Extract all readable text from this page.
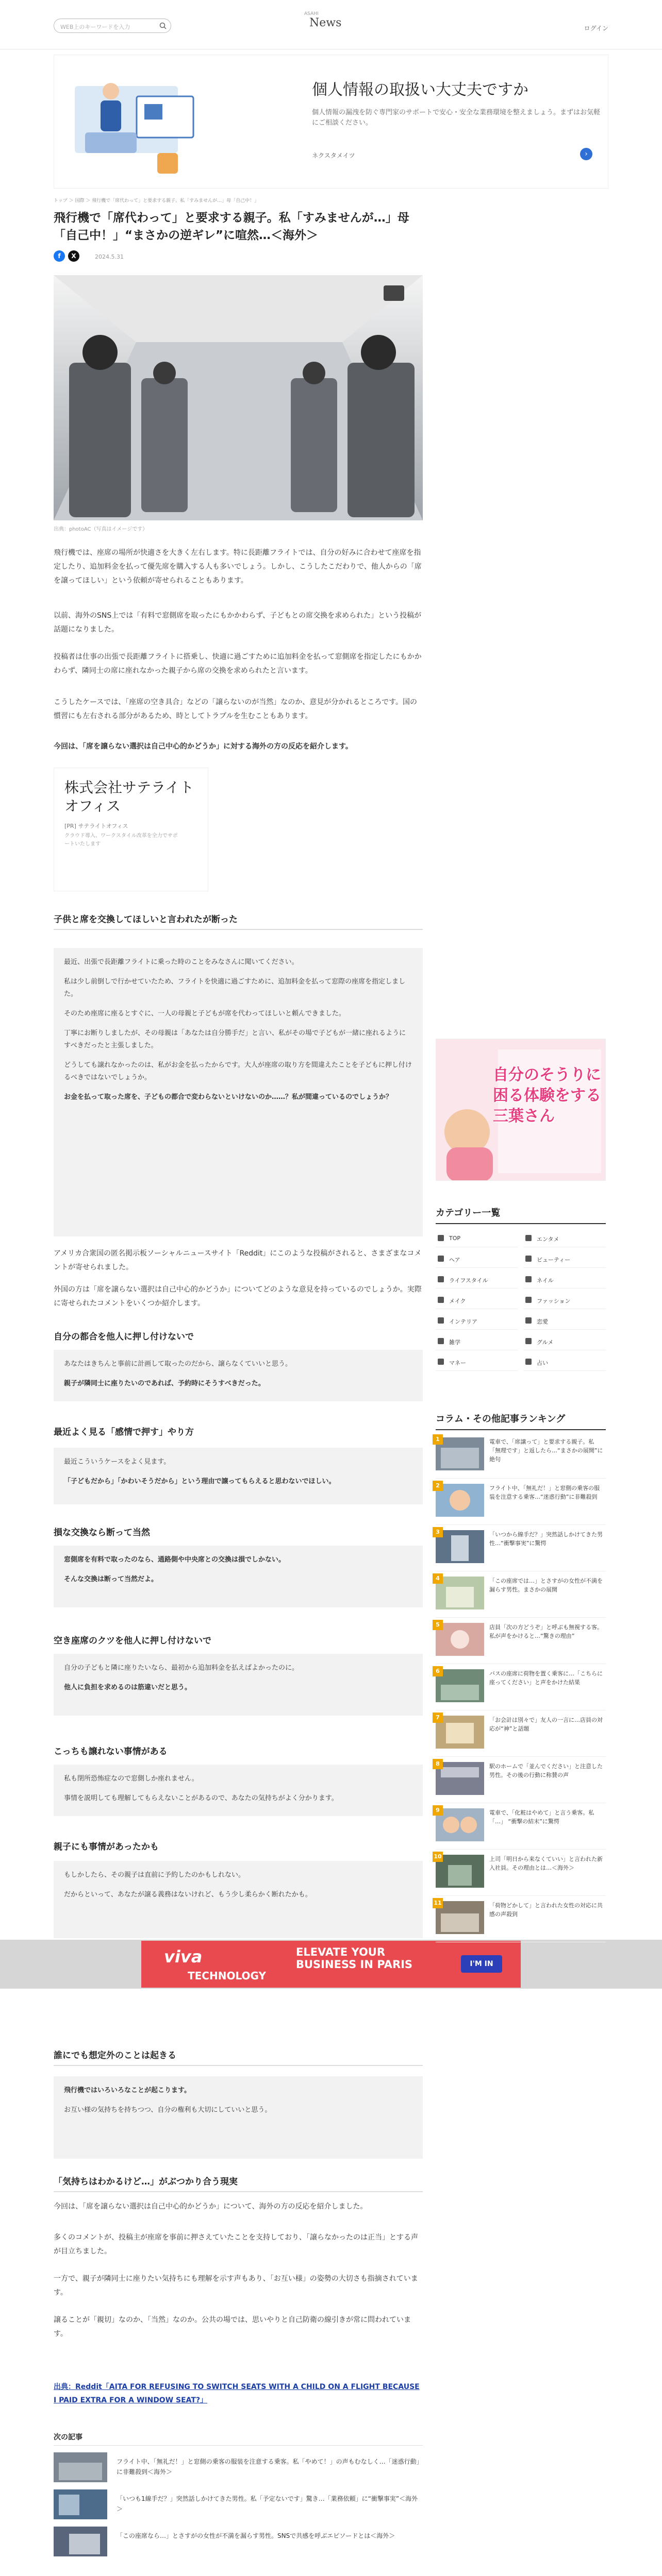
WEB上のキーワードを入力
ASAHI
News	ログイン
個人情報の取扱い大丈夫ですか
個人情報の漏洩を防ぐ専門家のサポートで安心・安全な業務環境を整えましょう。まずはお気軽にご相談ください。
ネクスタメイツ	›
トップ ＞ 国際 ＞ 飛行機で「席代わって」と要求する親子。私「すみませんが…」母「自己中！」
飛行機で「席代わって」と要求する親子。私「すみませんが…」母「自己中！」“まさかの逆ギレ”に喧然…＜海外＞
f	X	2024.5.31
出典：photoAC（写真はイメージです）

飛行機では、座席の場所が快適さを大きく左右します。特に長距離フライトでは、自分の好みに合わせて座席を指定したり、追加料金を払って優先席を購入する人も多いでしょう。しかし、こうしたこだわりで、他人からの「席を譲ってほしい」という依頼が寄せられることもあります。

以前、海外のSNS上では「有料で窓側席を取ったにもかかわらず、子どもとの席交換を求められた」という投稿が話題になりました。

投稿者は仕事の出張で長距離フライトに搭乗し、快適に過ごすために追加料金を払って窓側席を指定したにもかかわらず、隣同士の席に座れなかった親子から席の交換を求められたと言います。

こうしたケースでは、「座席の空き具合」などの「譲らないのが当然」なのか、意見が分かれるところです。国の慣習にも左右される部分があるため、時としてトラブルを生むこともあります。

今回は、「席を譲らない選択は自己中心的かどうか」に対する海外の方の反応を紹介します。

株式会社サテライトオフィス
[PR] サテライトオフィス
クラウド導入、ワークスタイル改革を全力でサポートいたします
子供と席を交換してほしいと言われたが断った
最近、出張で長距離フライトに乗った時のことをみなさんに聞いてください。
私は少し前倒しで行かせていたため、フライトを快適に過ごすために、追加料金を払って窓際の座席を指定しました。
そのため座席に座るとすぐに、一人の母親と子どもが席を代わってほしいと頼んできました。
丁寧にお断りしましたが、その母親は「あなたは自分勝手だ」と言い、私がその場で子どもが一緒に座れるようにすべきだったと主張しました。
どうしても譲れなかったのは、私がお金を払ったからです。大人が座席の取り方を間違えたことを子どもに押し付けるべきではないでしょうか。
お金を払って取った席を、子どもの都合で変わらないといけないのか……？私が間違っているのでしょうか？

アメリカ合衆国の匿名掲示板ソーシャルニュースサイト「Reddit」にこのような投稿がされると、さまざまなコメントが寄せられました。

外国の方は「席を譲らない選択は自己中心的かどうか」についてどのような意見を持っているのでしょうか。実際に寄せられたコメントをいくつか紹介します。

自分の都合を他人に押し付けないで
あなたはきちんと事前に計画して取ったのだから、譲らなくていいと思う。
親子が隣同士に座りたいのであれば、予約時にそうすべきだった。
最近よく見る「感情で押す」やり方
最近こういうケースをよく見ます。
「子どもだから」「かわいそうだから」という理由で譲ってもらえると思わないでほしい。
損な交換なら断って当然
窓側席を有料で取ったのなら、通路側や中央席との交換は損でしかない。
そんな交換は断って当然だよ。
空き座席のクツを他人に押し付けないで
自分の子どもと隣に座りたいなら、最初から追加料金を払えばよかったのに。
他人に負担を求めるのは筋違いだと思う。
こっちも譲れない事情がある
私も閉所恐怖症なので窓側しか座れません。
事情を説明しても理解してもらえないことがあるので、あなたの気持ちがよく分かります。
親子にも事情があったかも
もしかしたら、その親子は直前に予約したのかもしれない。
だからといって、あなたが譲る義務はないけれど、もう少し柔らかく断れたかも。
viva
TECHNOLOGY
ELEVATE YOUR BUSINESS IN PARIS	I'M IN
誰にでも想定外のことは起きる
飛行機ではいろいろなことが起こります。
お互い様の気持ちを持ちつつ、自分の権利も大切にしていいと思う。
「気持ちはわかるけど…」がぶつかり合う現実

今回は、「席を譲らない選択は自己中心的かどうか」について、海外の方の反応を紹介しました。

多くのコメントが、投稿主が座席を事前に押さえていたことを支持しており、「譲らなかったのは正当」とする声が目立ちました。

一方で、親子が隣同士に座りたい気持ちにも理解を示す声もあり、「お互い様」の姿勢の大切さも指摘されています。

譲ることが「親切」なのか、「当然」なのか。公共の場では、思いやりと自己防衛の線引きが常に問われています。

出典：Reddit「AITA FOR REFUSING TO SWITCH SEATS WITH A CHILD ON A FLIGHT BECAUSE I PAID EXTRA FOR A WINDOW SEAT?」
次の記事
フライト中、「無礼だ！」と窓側の乗客の服装を注意する乗客。私「やめて！」の声もむなしく…「迷惑行動」に非難殺到＜海外＞
「いつも1線手だ？」突然話しかけてきた男性。私「予定ないです」驚き…「業務依頼」に“衝撃事実”＜海外＞
「この座席なら…」とさすがの女性が不満を漏らす男性。SNSで共感を呼ぶエピソードとは＜海外＞
自分のそうりに困る体験をする三葉さん
カテゴリー一覧
TOP	エンタメ
ヘア	ビューティー
ライフスタイル	ネイル
メイク	ファッション
インテリア	恋愛
雑学	グルメ
マネー	占い
コラム・その他記事ランキング
1	電車で、「席譲って」と要求する親子。私「無理です」と返したら…“まさかの展開”に絶句
2	フライト中、「無礼だ！」と窓側の乗客の服装を注意する乗客…“迷惑行動”に非難殺到
3	「いつから線手だ？」突然話しかけてきた男性…“衝撃事実”に驚愕
4	「この座席では…」とさすがの女性が不満を漏らす男性。まさかの展開
5	店員「次の方どうぞ」と呼ぶも無視する客。私が声をかけると…“驚きの理由”
6	バスの座席に荷物を置く乗客に…「こちらに座ってください」と声をかけた結果
7	「お会計は別々で」友人の一言に…店員の対応が“神”と話題
8	駅のホームで「並んでください」と注意した男性。その後の行動に称賛の声
9	電車で、「化粧はやめて」と言う乗客。私「…」 “衝撃の結末”に驚愕
10	上司「明日から来なくていい」と言われた新入社員。その理由とは…＜海外＞
11	「荷物どかして」と言われた女性の対応に共感の声殺到
